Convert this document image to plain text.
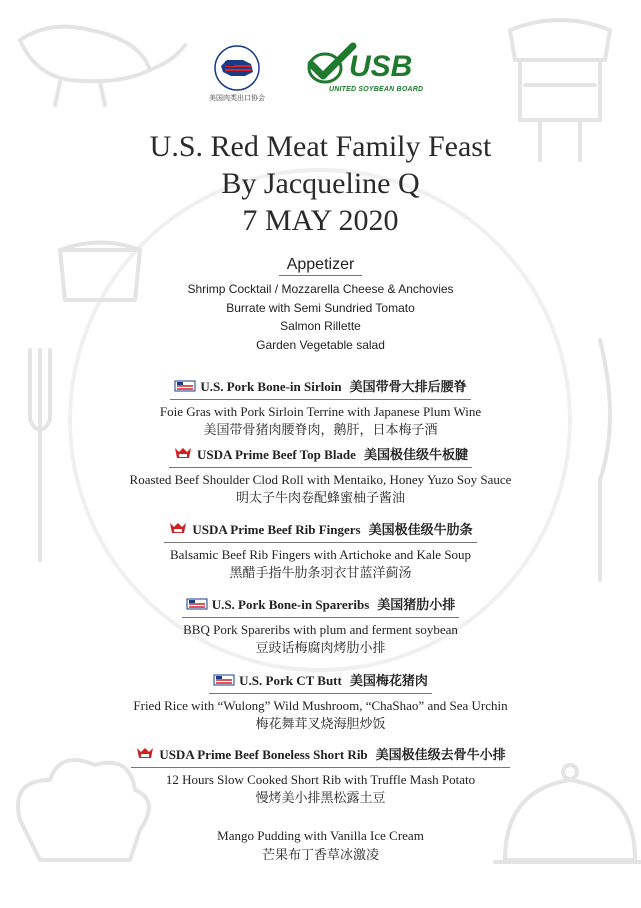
美国肉类出口协会
USB
UNITED SOYBEAN BOARD
U.S. Red Meat Family Feast
By Jacqueline Q
7 MAY 2020
Appetizer
Shrimp Cocktail / Mozzarella Cheese & Anchovies
Burrate with Semi Sundried Tomato
Salmon Rillette
Garden Vegetable salad
U.S. Pork Bone-in Sirloin 美国带骨大排后腰脊
Foie Gras with Pork Sirloin Terrine with Japanese Plum Wine
美国带骨猪肉腰脊肉，鹅肝，日本梅子酒
USDA Prime Beef Top Blade 美国极佳级牛板腱
Roasted Beef Shoulder Clod Roll with Mentaiko, Honey Yuzo Soy Sauce
明太子牛肉卷配蜂蜜柚子酱油
USDA Prime Beef Rib Fingers 美国极佳级牛肋条
Balsamic Beef Rib Fingers with Artichoke and Kale Soup
黑醋手指牛肋条羽衣甘蓝洋蓟汤
U.S. Pork Bone-in Spareribs 美国猪肋小排
BBQ Pork Spareribs with plum and ferment soybean
豆豉话梅腐肉烤肋小排
U.S. Pork CT Butt 美国梅花猪肉
Fried Rice with “Wulong” Wild Mushroom, “ChaShao” and Sea Urchin
梅花舞茸叉烧海胆炒饭
USDA Prime Beef Boneless Short Rib 美国极佳级去骨牛小排
12 Hours Slow Cooked Short Rib with Truffle Mash Potato
慢烤美小排黑松露土豆
Mango Pudding with Vanilla Ice Cream
芒果布丁香草冰激凌
